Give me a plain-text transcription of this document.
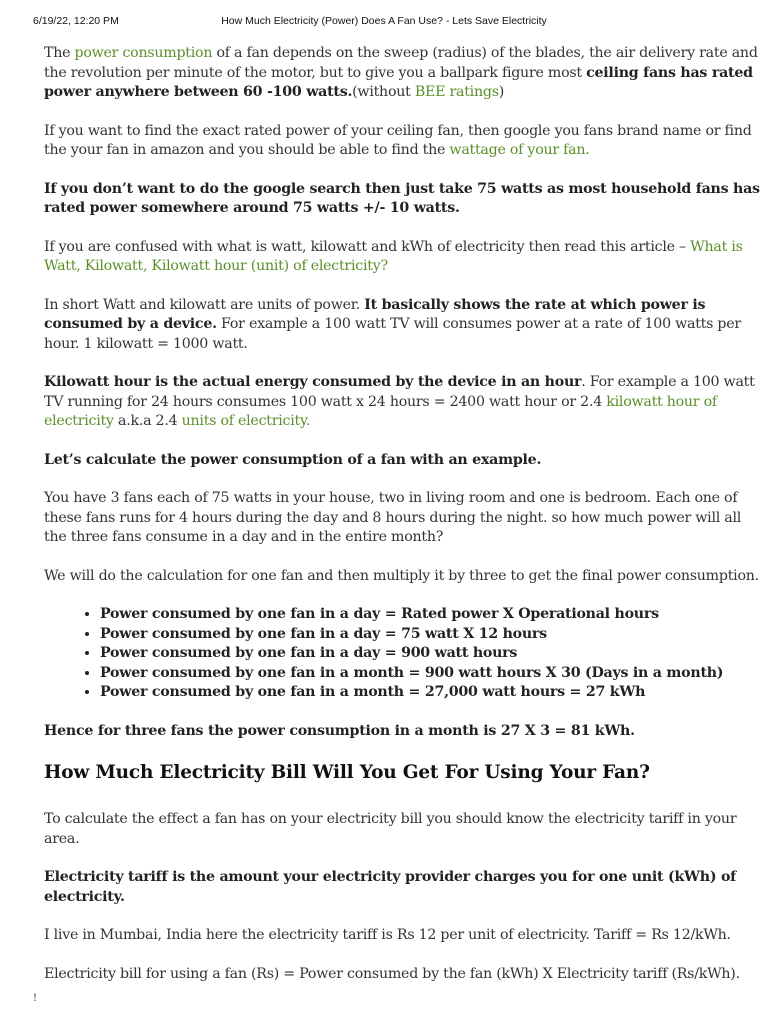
6/19/22, 12:20 PM	How Much Electricity (Power) Does A Fan Use? - Lets Save Electricity

The power consumption of a fan depends on the sweep (radius) of the blades, the air delivery rate and the revolution per minute of the motor, but to give you a ballpark figure most ceiling fans has rated power anywhere between 60 -100 watts.(without BEE ratings)

If you want to find the exact rated power of your ceiling fan, then google you fans brand name or find the your fan in amazon and you should be able to find the wattage of your fan.

If you don’t want to do the google search then just take 75 watts as most household fans has rated power somewhere around 75 watts +/- 10 watts.

If you are confused with what is watt, kilowatt and kWh of electricity then read this article – What is Watt, Kilowatt, Kilowatt hour (unit) of electricity?

In short Watt and kilowatt are units of power. It basically shows the rate at which power is consumed by a device. For example a 100 watt TV will consumes power at a rate of 100 watts per hour. 1 kilowatt = 1000 watt.

Kilowatt hour is the actual energy consumed by the device in an hour. For example a 100 watt TV running for 24 hours consumes 100 watt x 24 hours = 2400 watt hour or 2.4 kilowatt hour of electricity a.k.a 2.4 units of electricity.

Let’s calculate the power consumption of a fan with an example.

You have 3 fans each of 75 watts in your house, two in living room and one is bedroom. Each one of these fans runs for 4 hours during the day and 8 hours during the night. so how much power will all the three fans consume in a day and in the entire month?

We will do the calculation for one fan and then multiply it by three to get the final power consumption.

• Power consumed by one fan in a day = Rated power X Operational hours
• Power consumed by one fan in a day = 75 watt X 12 hours
• Power consumed by one fan in a day = 900 watt hours
• Power consumed by one fan in a month = 900 watt hours X 30 (Days in a month)
• Power consumed by one fan in a month = 27,000 watt hours = 27 kWh

Hence for three fans the power consumption in a month is 27 X 3 = 81 kWh.

How Much Electricity Bill Will You Get For Using Your Fan?

To calculate the effect a fan has on your electricity bill you should know the electricity tariff in your area.

Electricity tariff is the amount your electricity provider charges you for one unit (kWh) of electricity.

I live in Mumbai, India here the electricity tariff is Rs 12 per unit of electricity. Tariff = Rs 12/kWh.

Electricity bill for using a fan (Rs) = Power consumed by the fan (kWh) X Electricity tariff (Rs/kWh).

!
